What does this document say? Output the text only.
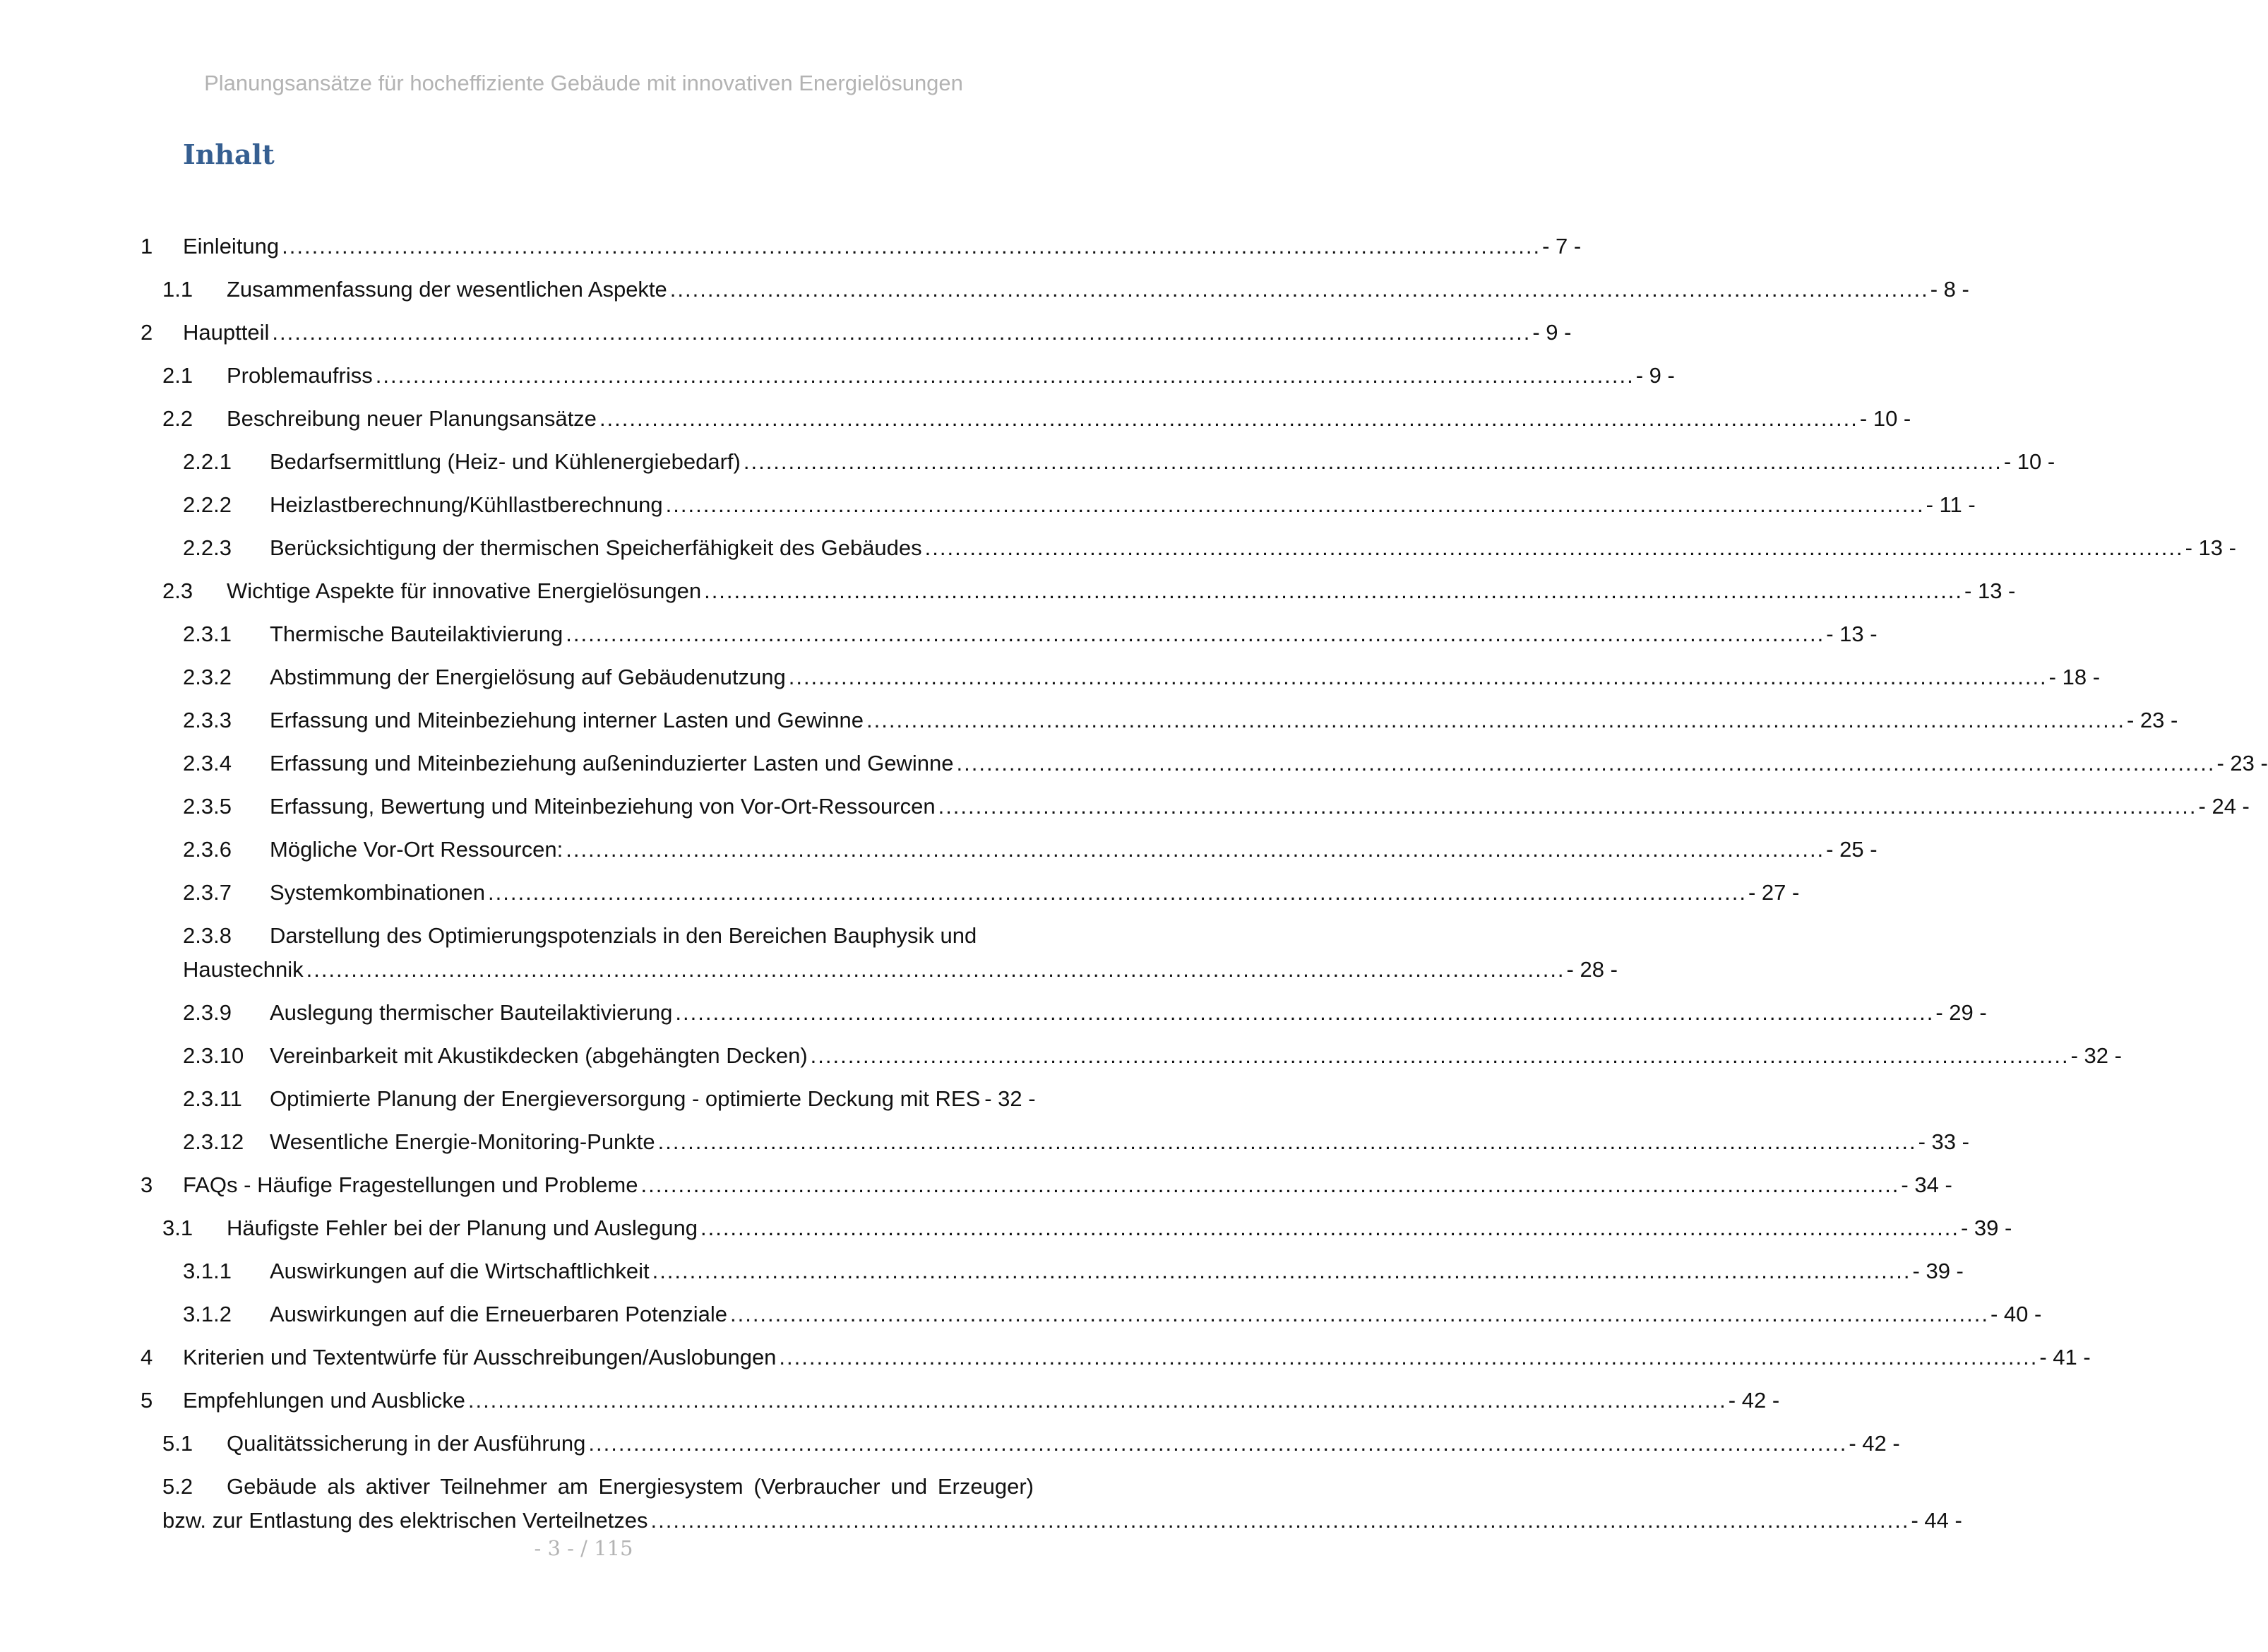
Planungsansätze für hocheffiziente Gebäude mit innovativen Energielösungen
Inhalt
1 Einleitung ........................................................................................................................................................................ - 7 -
1.1 Zusammenfassung der wesentlichen Aspekte ........................................................................................................................................................................ - 8 -
2 Hauptteil ........................................................................................................................................................................ - 9 -
2.1 Problemaufriss ........................................................................................................................................................................ - 9 -
2.2 Beschreibung neuer Planungsansätze ........................................................................................................................................................................ - 10 -
2.2.1 Bedarfsermittlung (Heiz- und Kühlenergiebedarf) ........................................................................................................................................................................ - 10 -
2.2.2 Heizlastberechnung/Kühllastberechnung ........................................................................................................................................................................ - 11 -
2.2.3 Berücksichtigung der thermischen Speicherfähigkeit des Gebäudes ........................................................................................................................................................................ - 13 -
2.3 Wichtige Aspekte für innovative Energielösungen ........................................................................................................................................................................ - 13 -
2.3.1 Thermische Bauteilaktivierung ........................................................................................................................................................................ - 13 -
2.3.2 Abstimmung der Energielösung auf Gebäudenutzung ........................................................................................................................................................................ - 18 -
2.3.3 Erfassung und Miteinbeziehung interner Lasten und Gewinne ........................................................................................................................................................................ - 23 -
2.3.4 Erfassung und Miteinbeziehung außeninduzierter Lasten und Gewinne ........................................................................................................................................................................ - 23 -
2.3.5 Erfassung, Bewertung und Miteinbeziehung von Vor-Ort-Ressourcen ........................................................................................................................................................................ - 24 -
2.3.6 Mögliche Vor-Ort Ressourcen: ........................................................................................................................................................................ - 25 -
2.3.7 Systemkombinationen ........................................................................................................................................................................ - 27 -
2.3.8 Darstellung des Optimierungspotenzials in den Bereichen Bauphysik und
Haustechnik ........................................................................................................................................................................ - 28 -
2.3.9 Auslegung thermischer Bauteilaktivierung ........................................................................................................................................................................ - 29 -
2.3.10 Vereinbarkeit mit Akustikdecken (abgehängten Decken) ........................................................................................................................................................................ - 32 -
2.3.11 Optimierte Planung der Energieversorgung - optimierte Deckung mit RES - 32 -
2.3.12 Wesentliche Energie-Monitoring-Punkte ........................................................................................................................................................................ - 33 -
3 FAQs - Häufige Fragestellungen und Probleme ........................................................................................................................................................................ - 34 -
3.1 Häufigste Fehler bei der Planung und Auslegung ........................................................................................................................................................................ - 39 -
3.1.1 Auswirkungen auf die Wirtschaftlichkeit ........................................................................................................................................................................ - 39 -
3.1.2 Auswirkungen auf die Erneuerbaren Potenziale ........................................................................................................................................................................ - 40 -
4 Kriterien und Textentwürfe für Ausschreibungen/Auslobungen ........................................................................................................................................................................ - 41 -
5 Empfehlungen und Ausblicke ........................................................................................................................................................................ - 42 -
5.1 Qualitätssicherung in der Ausführung ........................................................................................................................................................................ - 42 -
5.2 Gebäude als aktiver Teilnehmer am Energiesystem (Verbraucher und Erzeuger)
bzw. zur Entlastung des elektrischen Verteilnetzes ........................................................................................................................................................................ - 44 -
- 3 - / 115
